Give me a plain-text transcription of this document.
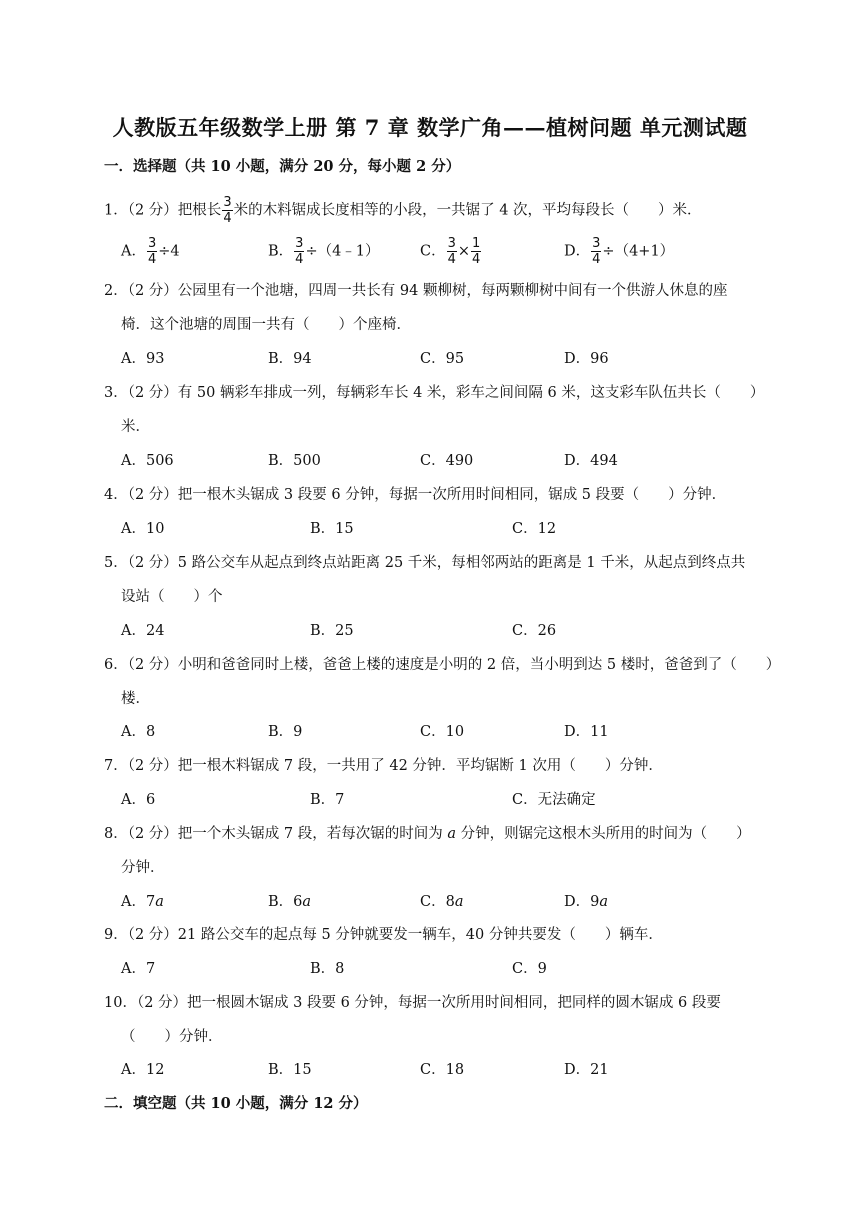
人教版五年级数学上册 第 7 章 数学广角——植树问题 单元测试题
一．选择题（共 10 小题，满分 20 分，每小题 2 分）
1．（2 分）把根长 $\frac{3}{4}$ 米的木料锯成长度相等的小段，一共锯了 4 次，平均每段长（　　）米．
A． $\frac{3}{4} \div 4$	B． $\frac{3}{4}$ ÷（4﹣1）	C． $\frac{3}{4} \times \frac{1}{4}$	D． $\frac{3}{4} \div(4+1)$
2．（2 分）公园里有一个池塘，四周一共长有 94 颗柳树，每两颗柳树中间有一个供游人休息的座
椅．这个池塘的周围一共有（　　）个座椅．
A．93	B．94	C．95	D．96
3．（2 分）有 50 辆彩车排成一列，每辆彩车长 4 米，彩车之间间隔 6 米，这支彩车队伍共长（　　）
米．
A．506	B．500	C．490	D．494
4．（2 分）把一根木头锯成 3 段要 6 分钟，每据一次所用时间相同，锯成 5 段要（　　）分钟．
A．10	B．15	C．12
5．（2 分）5 路公交车从起点到终点站距离 25 千米，每相邻两站的距离是 1 千米，从起点到终点共
设站（　　）个
A．24	B．25	C．26
6．（2 分）小明和爸爸同时上楼，爸爸上楼的速度是小明的 2 倍，当小明到达 5 楼时，爸爸到了（　　）
楼．
A．8	B．9	C．10	D．11
7．（2 分）把一根木料锯成 7 段，一共用了 42 分钟．平均锯断 1 次用（　　）分钟．
A．6	B．7	C．无法确定
8．（2 分）把一个木头锯成 7 段，若每次锯的时间为 a 分钟，则锯完这根木头所用的时间为（　　）
分钟．
A．7a	B．6a	C．8a	D．9a
9．（2 分）21 路公交车的起点每 5 分钟就要发一辆车，40 分钟共要发（　　）辆车．
A．7	B．8	C．9
10．（2 分）把一根圆木锯成 3 段要 6 分钟，每据一次所用时间相同，把同样的圆木锯成 6 段要
（　　）分钟．
A．12	B．15	C．18	D．21
二．填空题（共 10 小题，满分 12 分）
